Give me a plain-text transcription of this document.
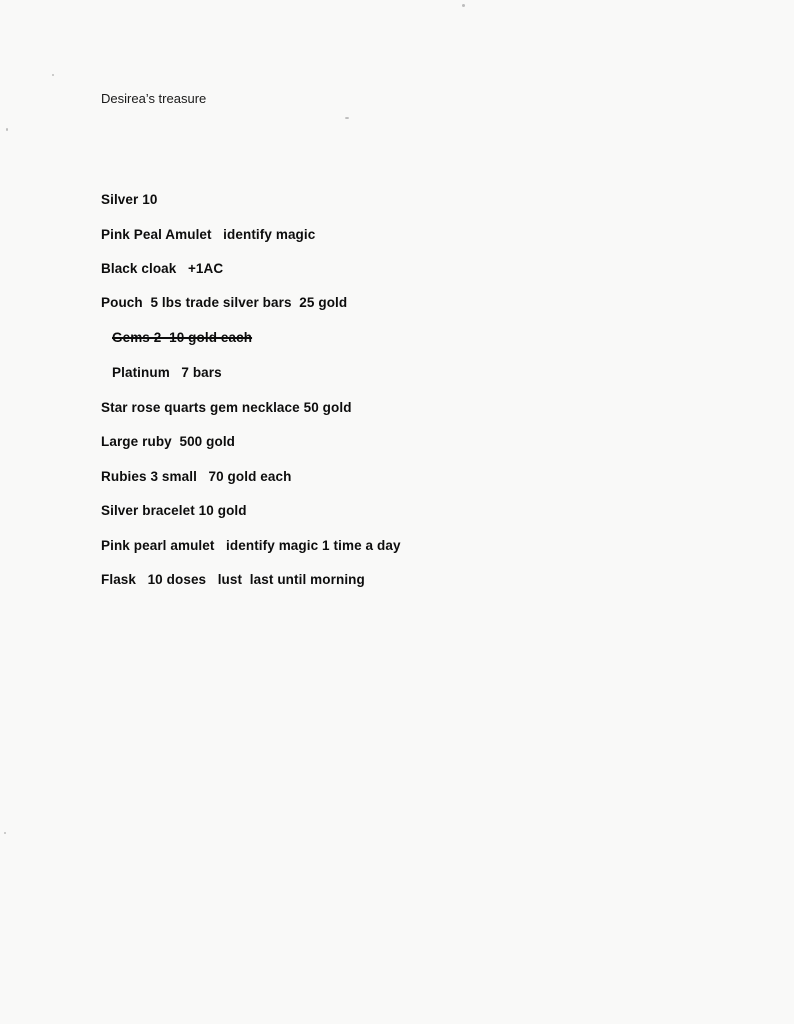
Desirea’s treasure
Silver 10
Pink Peal Amulet   identify magic
Black cloak   +1AC
Pouch  5 lbs trade silver bars  25 gold
Gems 2  10 gold each
Platinum   7 bars
Star rose quarts gem necklace 50 gold
Large ruby  500 gold
Rubies 3 small   70 gold each
Silver bracelet 10 gold
Pink pearl amulet   identify magic 1 time a day
Flask   10 doses   lust  last until morning
